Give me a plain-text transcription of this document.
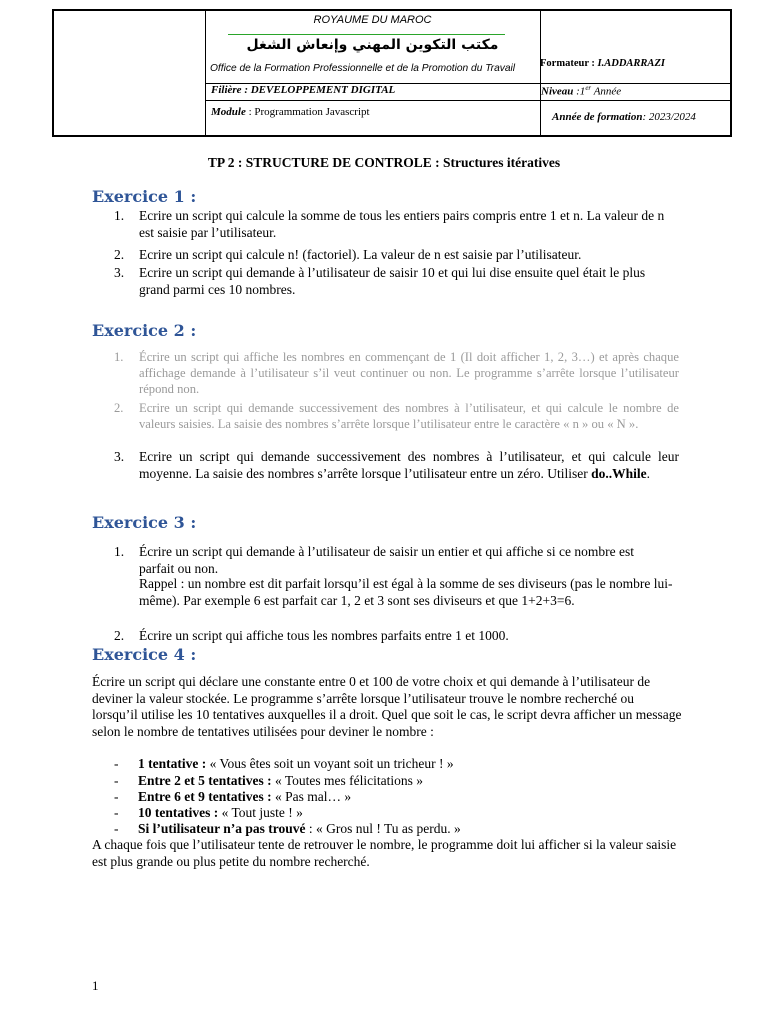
ROYAUME DU MAROC
مكتب التكوين المهني وإنعاش الشغل
Office de la Formation Professionnelle et de la Promotion du Travail Formateur : I.ADDARRAZI
Filière : DEVELOPPEMENT DIGITAL	Niveau :1er Année
Module : Programmation Javascript	Année de formation: 2023/2024
TP 2 : STRUCTURE DE CONTROLE : Structures itératives
Exercice 1 :
1. Ecrire un script qui calcule la somme de tous les entiers pairs compris entre 1 et n. La valeur de n est saisie par l’utilisateur.
2. Ecrire un script qui calcule n! (factoriel). La valeur de n est saisie par l’utilisateur.
3. Ecrire un script qui demande à l’utilisateur de saisir 10 et qui lui dise ensuite quel était le plus grand parmi ces 10 nombres.
Exercice 2 :
1. Écrire un script qui affiche les nombres en commençant de 1 (Il doit afficher 1, 2, 3…) et après chaque affichage demande à l’utilisateur s’il veut continuer ou non. Le programme s’arrête lorsque l’utilisateur répond non.
2. Ecrire un script qui demande successivement des nombres à l’utilisateur, et qui calcule le nombre de valeurs saisies. La saisie des nombres s’arrête lorsque l’utilisateur entre le caractère « n » ou « N ».
3. Ecrire un script qui demande successivement des nombres à l’utilisateur, et qui calcule leur moyenne. La saisie des nombres s’arrête lorsque l’utilisateur entre un zéro. Utiliser do..While.
Exercice 3 :
1. Écrire un script qui demande à l’utilisateur de saisir un entier et qui affiche si ce nombre est parfait ou non.
Rappel : un nombre est dit parfait lorsqu’il est égal à la somme de ses diviseurs (pas le nombre lui-même). Par exemple 6 est parfait car 1, 2 et 3 sont ses diviseurs et que 1+2+3=6.
2. Écrire un script qui affiche tous les nombres parfaits entre 1 et 1000.
Exercice 4 :
Écrire un script qui déclare une constante entre 0 et 100 de votre choix et qui demande à l’utilisateur de deviner la valeur stockée. Le programme s’arrête lorsque l’utilisateur trouve le nombre recherché ou lorsqu’il utilise les 10 tentatives auxquelles il a droit. Quel que soit le cas, le script devra afficher un message selon le nombre de tentatives utilisées pour deviner le nombre :
- 1 tentative : « Vous êtes soit un voyant soit un tricheur ! »
- Entre 2 et 5 tentatives : « Toutes mes félicitations »
- Entre 6 et 9 tentatives : « Pas mal… »
- 10 tentatives : « Tout juste ! »
- Si l’utilisateur n’a pas trouvé : « Gros nul ! Tu as perdu. »
A chaque fois que l’utilisateur tente de retrouver le nombre, le programme doit lui afficher si la valeur saisie est plus grande ou plus petite du nombre recherché.
1
